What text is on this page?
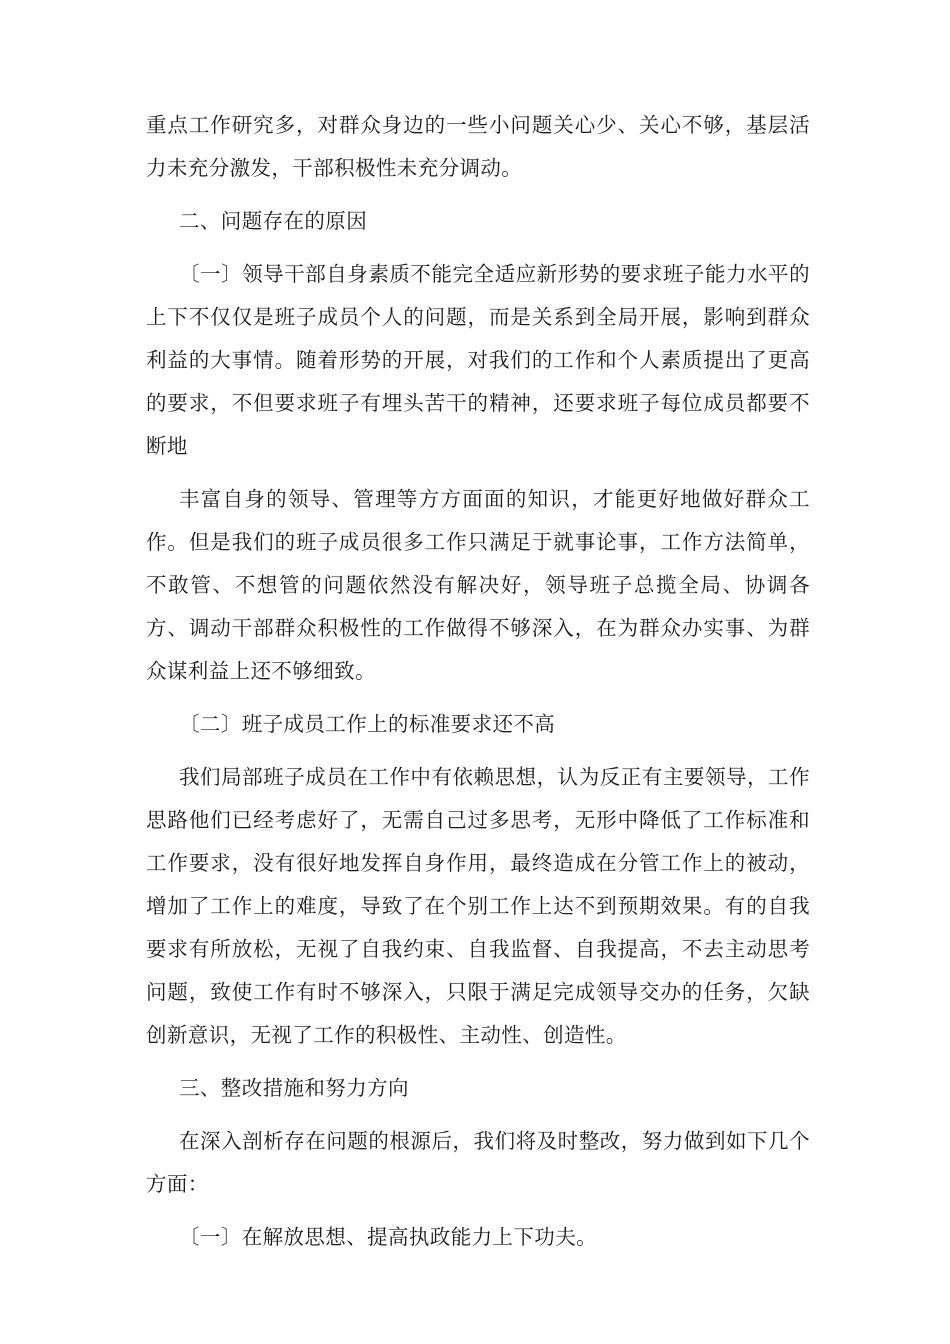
重点工作研究多，对群众身边的一些小问题关心少、关心不够，基层活力未充分激发，干部积极性未充分调动。

二、问题存在的原因

〔一〕领导干部自身素质不能完全适应新形势的要求班子能力水平的上下不仅仅是班子成员个人的问题，而是关系到全局开展，影响到群众利益的大事情。随着形势的开展，对我们的工作和个人素质提出了更高的要求，不但要求班子有埋头苦干的精神，还要求班子每位成员都要不断地

丰富自身的领导、管理等方方面面的知识，才能更好地做好群众工作。但是我们的班子成员很多工作只满足于就事论事，工作方法简单，不敢管、不想管的问题依然没有解决好，领导班子总揽全局、协调各方、调动干部群众积极性的工作做得不够深入，在为群众办实事、为群众谋利益上还不够细致。

〔二〕班子成员工作上的标准要求还不高

我们局部班子成员在工作中有依赖思想，认为反正有主要领导，工作思路他们已经考虑好了，无需自己过多思考，无形中降低了工作标准和工作要求，没有很好地发挥自身作用，最终造成在分管工作上的被动，增加了工作上的难度，导致了在个别工作上达不到预期效果。有的自我要求有所放松，无视了自我约束、自我监督、自我提高，不去主动思考问题，致使工作有时不够深入，只限于满足完成领导交办的任务，欠缺创新意识，无视了工作的积极性、主动性、创造性。

三、整改措施和努力方向

在深入剖析存在问题的根源后，我们将及时整改，努力做到如下几个方面：

〔一〕在解放思想、提高执政能力上下功夫。
